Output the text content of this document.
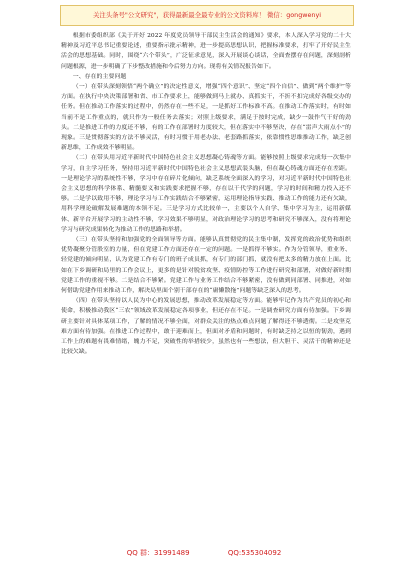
关注头条号"公文研究"，获得最新最全最专业的公文资料库！ 微信：gongwenyi

根据市委组织部《关于开好 2022 年度党员领导干部民主生活会的通知》要求，本人深入学习党的二十大精神及习近平总书记重要论述，重要指示批示精神，进一步提高思想认识，把握标准要求，打牢了开好民主生活会的思想基础。同时，围绕“六个带头”，广泛征求意见，深入开展谈心谈话，全面查摆存在问题，深刻剖析问题根源，进一步明确了下步整改措施和今后努力方向。现将有关情况报告如下。

一、存在的主要问题

（一）在带头深刻领悟“两个确立”的决定性意义，增强“四个意识”、坚定“四个自信”、做到“两个维护”等方面。在执行中央决策部署和省、市工作要求上，能够做到马上就办、真抓实干，不折不扣完成好各级交办的任务。但在推动工作落实的过程中，仍然存在一些不足，一是抓好工作标准不高。在推动工作落实时，有时如当前不是工作重点的，就只作为一般任务去落实；对照上级要求，满足于按时完成，缺少一鼓作气干好的劲头。二是推进工作的力度还不够，有的工作在部署时力度较大，但在落实中不够坚决，存在“雷声大雨点小”的现象。三是贯彻落实的方法不够灵活，有时习惯于用老办法、老套路抓落实，依靠惯性思维推动工作，缺乏创新思维，工作成效不够明显。

（二）在带头用习近平新时代中国特色社会主义思想凝心铸魂等方面。能够按照上级要求完成每一次集中学习，自主学习任务，坚持用习近平新时代中国特色社会主义思想武装头脑，但在凝心铸魂方面还存在差距。一是理论学习的系统性不够，学习中存在碎片化倾向，缺乏系统全面深入的学习，对习近平新时代中国特色社会主义思想的科学体系、精髓要义和实践要求把握不够，存在以干代学的问题，学习的时间和精力投入还不够。二是学以致用不够，理论学习与工作实践结合不够紧密，运用理论指导实践、推动工作的能力还有欠缺，用科学理论破解发展难题的本领不足。三是学习方式比较单一，主要以个人自学、集中学习为主，运用新媒体、新平台开展学习的主动性不够，学习效果不够明显，对政治理论学习的思考和研究不够深入，没有将理论学习与研究成果转化为推动工作的思路和举措。

（三）在带头坚持和加强党的全面领导等方面。能够认真贯彻党的民主集中制，发挥党的政治优势和组织优势凝聚分管股室的力量，但在党建工作方面还存在一定的问题。一是抓得不够实。作为分管领导，重业务、轻党建的倾向明显，认为党建工作有专门的班子成员抓，有专门的部门抓，就没有把太多的精力放在上面。比如在下乡调研和局里的工作会议上，更多的是针对脱贫攻坚、疫情防控等工作进行研究和部署，对做好新时期党建工作的重视不够。二是结合不够紧。党建工作与业务工作结合不够紧密，没有做到同部署、同推进，对如何借助党建作用来推动工作，解决局里面个别干部存在的“庸懒散拖”问题等缺乏深入的思考。

（四）在带头坚持以人民为中心的发展思想，推动改革发展稳定等方面。能够牢记作为共产党员的初心和使命，积极推动我区“三农”领域改革发展稳定各项事业，但还存在不足。一是调查研究方面有待加强。下乡调研主要针对具体某项工作，了解的情况不够全面，对群众关注的热点难点问题了解得还不够透彻。二是攻坚克难方面有待加强。在推进工作过程中，敢于迎难而上，但面对矛盾和问题时，有时缺乏持之以恒的韧劲，遇到工作上的难题有畏难情绪，魄力不足，突破性的举措较少，虽然也有一些想法，但大胆干、灵活干的精神还是比较欠缺。

QQ 群：31991489	QQ:535304092
